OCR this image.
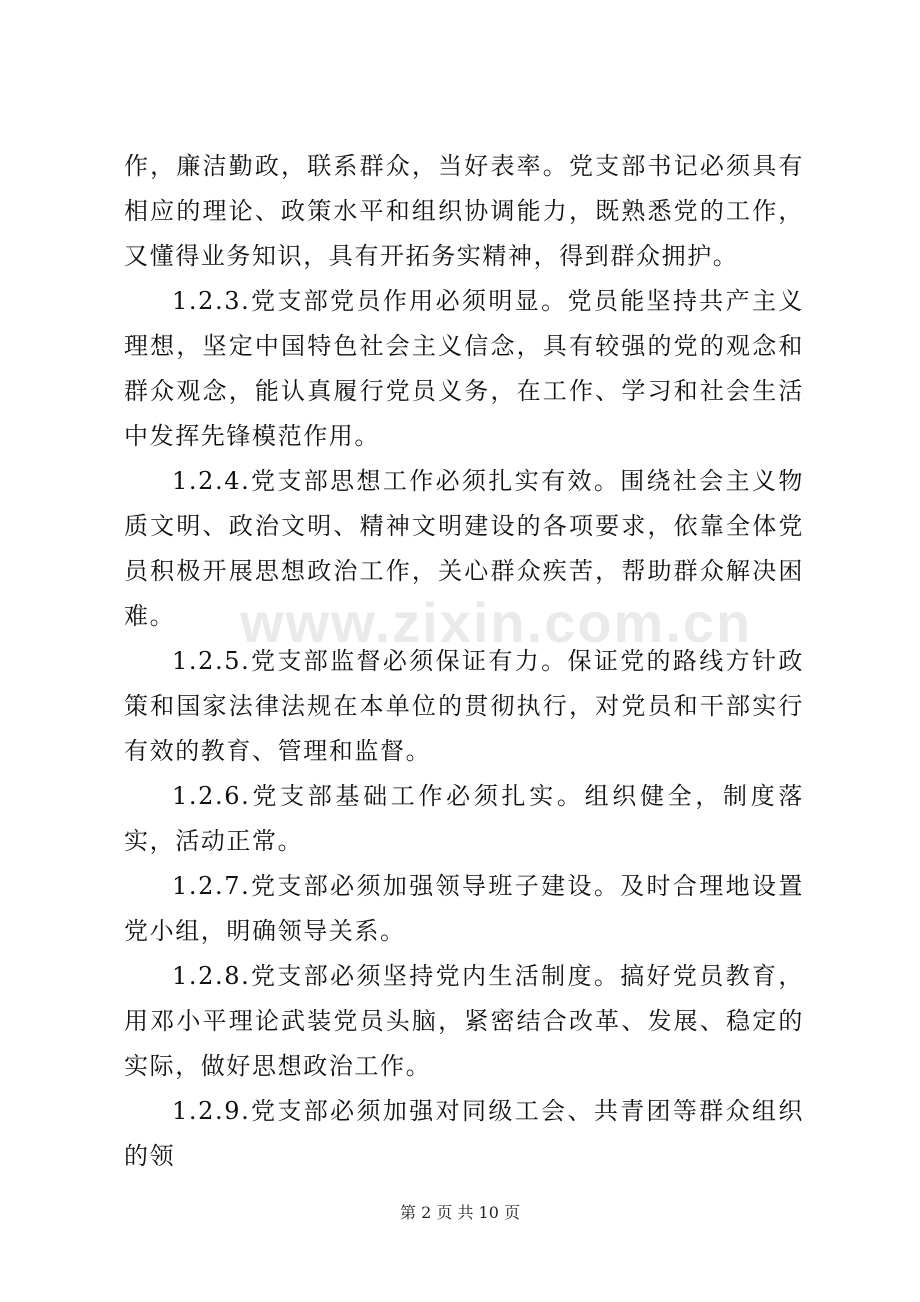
www.zixin.com.cn

作，廉洁勤政，联系群众，当好表率。党支部书记必须具有相应的理论、政策水平和组织协调能力，既熟悉党的工作，又懂得业务知识，具有开拓务实精神，得到群众拥护。

1.2.3.党支部党员作用必须明显。党员能坚持共产主义理想，坚定中国特色社会主义信念，具有较强的党的观念和群众观念，能认真履行党员义务，在工作、学习和社会生活中发挥先锋模范作用。

1.2.4.党支部思想工作必须扎实有效。围绕社会主义物质文明、政治文明、精神文明建设的各项要求，依靠全体党员积极开展思想政治工作，关心群众疾苦，帮助群众解决困难。

1.2.5.党支部监督必须保证有力。保证党的路线方针政策和国家法律法规在本单位的贯彻执行，对党员和干部实行有效的教育、管理和监督。

1.2.6.党支部基础工作必须扎实。组织健全，制度落实，活动正常。

1.2.7.党支部必须加强领导班子建设。及时合理地设置党小组，明确领导关系。

1.2.8.党支部必须坚持党内生活制度。搞好党员教育，用邓小平理论武装党员头脑，紧密结合改革、发展、稳定的实际，做好思想政治工作。

1.2.9.党支部必须加强对同级工会、共青团等群众组织的领

第 2 页 共 10 页
